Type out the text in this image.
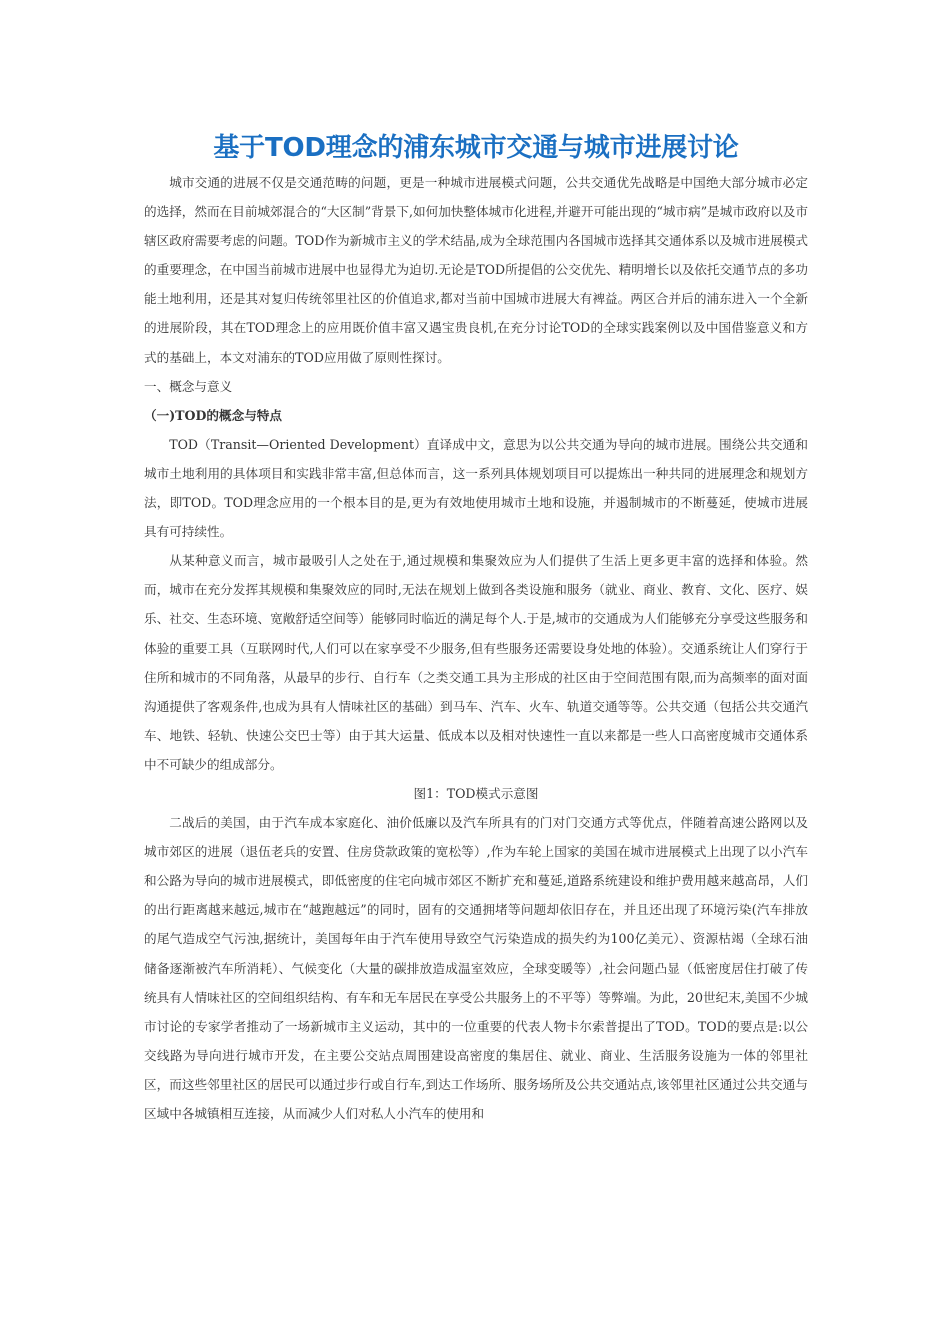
基于TOD理念的浦东城市交通与城市进展讨论

城市交通的进展不仅是交通范畴的问题，更是一种城市进展模式问题，公共交通优先战略是中国绝大部分城市必定的选择，然而在目前城郊混合的“大区制”背景下,如何加快整体城市化进程,并避开可能出现的“城市病”是城市政府以及市辖区政府需要考虑的问题。TOD作为新城市主义的学术结晶,成为全球范围内各国城市选择其交通体系以及城市进展模式的重要理念，在中国当前城市进展中也显得尤为迫切.无论是TOD所提倡的公交优先、精明增长以及依托交通节点的多功能土地利用，还是其对复归传统邻里社区的价值追求,都对当前中国城市进展大有裨益。两区合并后的浦东进入一个全新的进展阶段，其在TOD理念上的应用既价值丰富又遇宝贵良机,在充分讨论TOD的全球实践案例以及中国借鉴意义和方式的基础上，本文对浦东的TOD应用做了原则性探讨。

一、概念与意义

（一)TOD的概念与特点

TOD（Transit—Oriented Development）直译成中文，意思为以公共交通为导向的城市进展。围绕公共交通和城市土地利用的具体项目和实践非常丰富,但总体而言，这一系列具体规划项目可以提炼出一种共同的进展理念和规划方法，即TOD。TOD理念应用的一个根本目的是,更为有效地使用城市土地和设施，并遏制城市的不断蔓延，使城市进展具有可持续性。

从某种意义而言，城市最吸引人之处在于,通过规模和集聚效应为人们提供了生活上更多更丰富的选择和体验。然而，城市在充分发挥其规模和集聚效应的同时,无法在规划上做到各类设施和服务（就业、商业、教育、文化、医疗、娱乐、社交、生态环境、宽敞舒适空间等）能够同时临近的满足每个人.于是,城市的交通成为人们能够充分享受这些服务和体验的重要工具（互联网时代,人们可以在家享受不少服务,但有些服务还需要设身处地的体验）。交通系统让人们穿行于住所和城市的不同角落，从最早的步行、自行车（之类交通工具为主形成的社区由于空间范围有限,而为高频率的面对面沟通提供了客观条件,也成为具有人情味社区的基础）到马车、汽车、火车、轨道交通等等。公共交通（包括公共交通汽车、地铁、轻轨、快速公交巴士等）由于其大运量、低成本以及相对快速性一直以来都是一些人口高密度城市交通体系中不可缺少的组成部分。

图1：TOD模式示意图

二战后的美国，由于汽车成本家庭化、油价低廉以及汽车所具有的门对门交通方式等优点，伴随着高速公路网以及城市郊区的进展（退伍老兵的安置、住房贷款政策的宽松等）,作为车轮上国家的美国在城市进展模式上出现了以小汽车和公路为导向的城市进展模式，即低密度的住宅向城市郊区不断扩充和蔓延,道路系统建设和维护费用越来越高昂，人们的出行距离越来越远,城市在“越跑越远”的同时，固有的交通拥堵等问题却依旧存在，并且还出现了环境污染(汽车排放的尾气造成空气污浊,据统计，美国每年由于汽车使用导致空气污染造成的损失约为100亿美元）、资源枯竭（全球石油储备逐渐被汽车所消耗）、气候变化（大量的碳排放造成温室效应，全球变暖等）,社会问题凸显（低密度居住打破了传统具有人情味社区的空间组织结构、有车和无车居民在享受公共服务上的不平等）等弊端。为此，20世纪末,美国不少城市讨论的专家学者推动了一场新城市主义运动，其中的一位重要的代表人物卡尔索普提出了TOD。TOD的要点是:以公交线路为导向进行城市开发，在主要公交站点周围建设高密度的集居住、就业、商业、生活服务设施为一体的邻里社区，而这些邻里社区的居民可以通过步行或自行车,到达工作场所、服务场所及公共交通站点,该邻里社区通过公共交通与区域中各城镇相互连接，从而减少人们对私人小汽车的使用和
